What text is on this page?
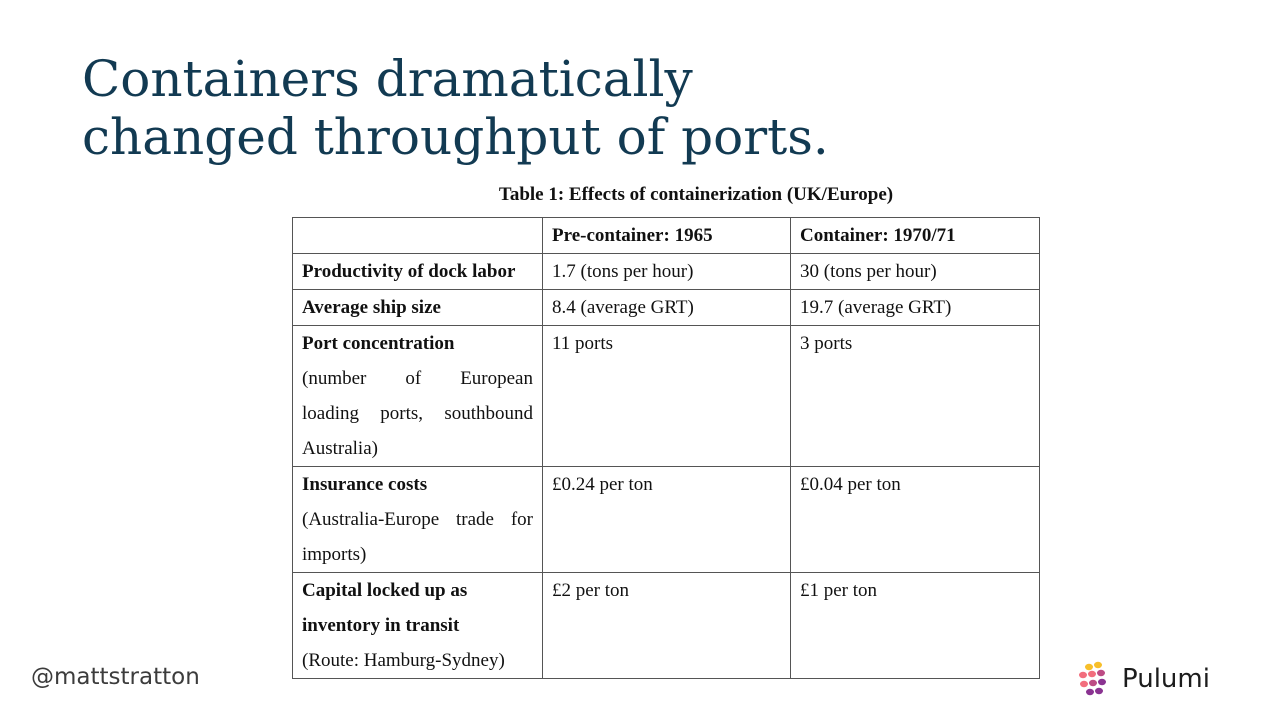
Containers dramatically
changed throughput of ports.
Table 1: Effects of containerization (UK/Europe)
	Pre-container: 1965	Container: 1970/71

Productivity of dock labor	1.7 (tons per hour)	30 (tons per hour)

Average ship size	8.4 (average GRT)	19.7 (average GRT)

Port concentration
(number of European
loading ports, southbound
Australia)	11 ports	3 ports

Insurance costs
(Australia-Europe trade for
imports)	£0.24 per ton	£0.04 per ton

Capital locked up as
inventory in transit
(Route: Hamburg-Sydney)	£2 per ton	£1 per ton
@mattstratton	Pulumi
